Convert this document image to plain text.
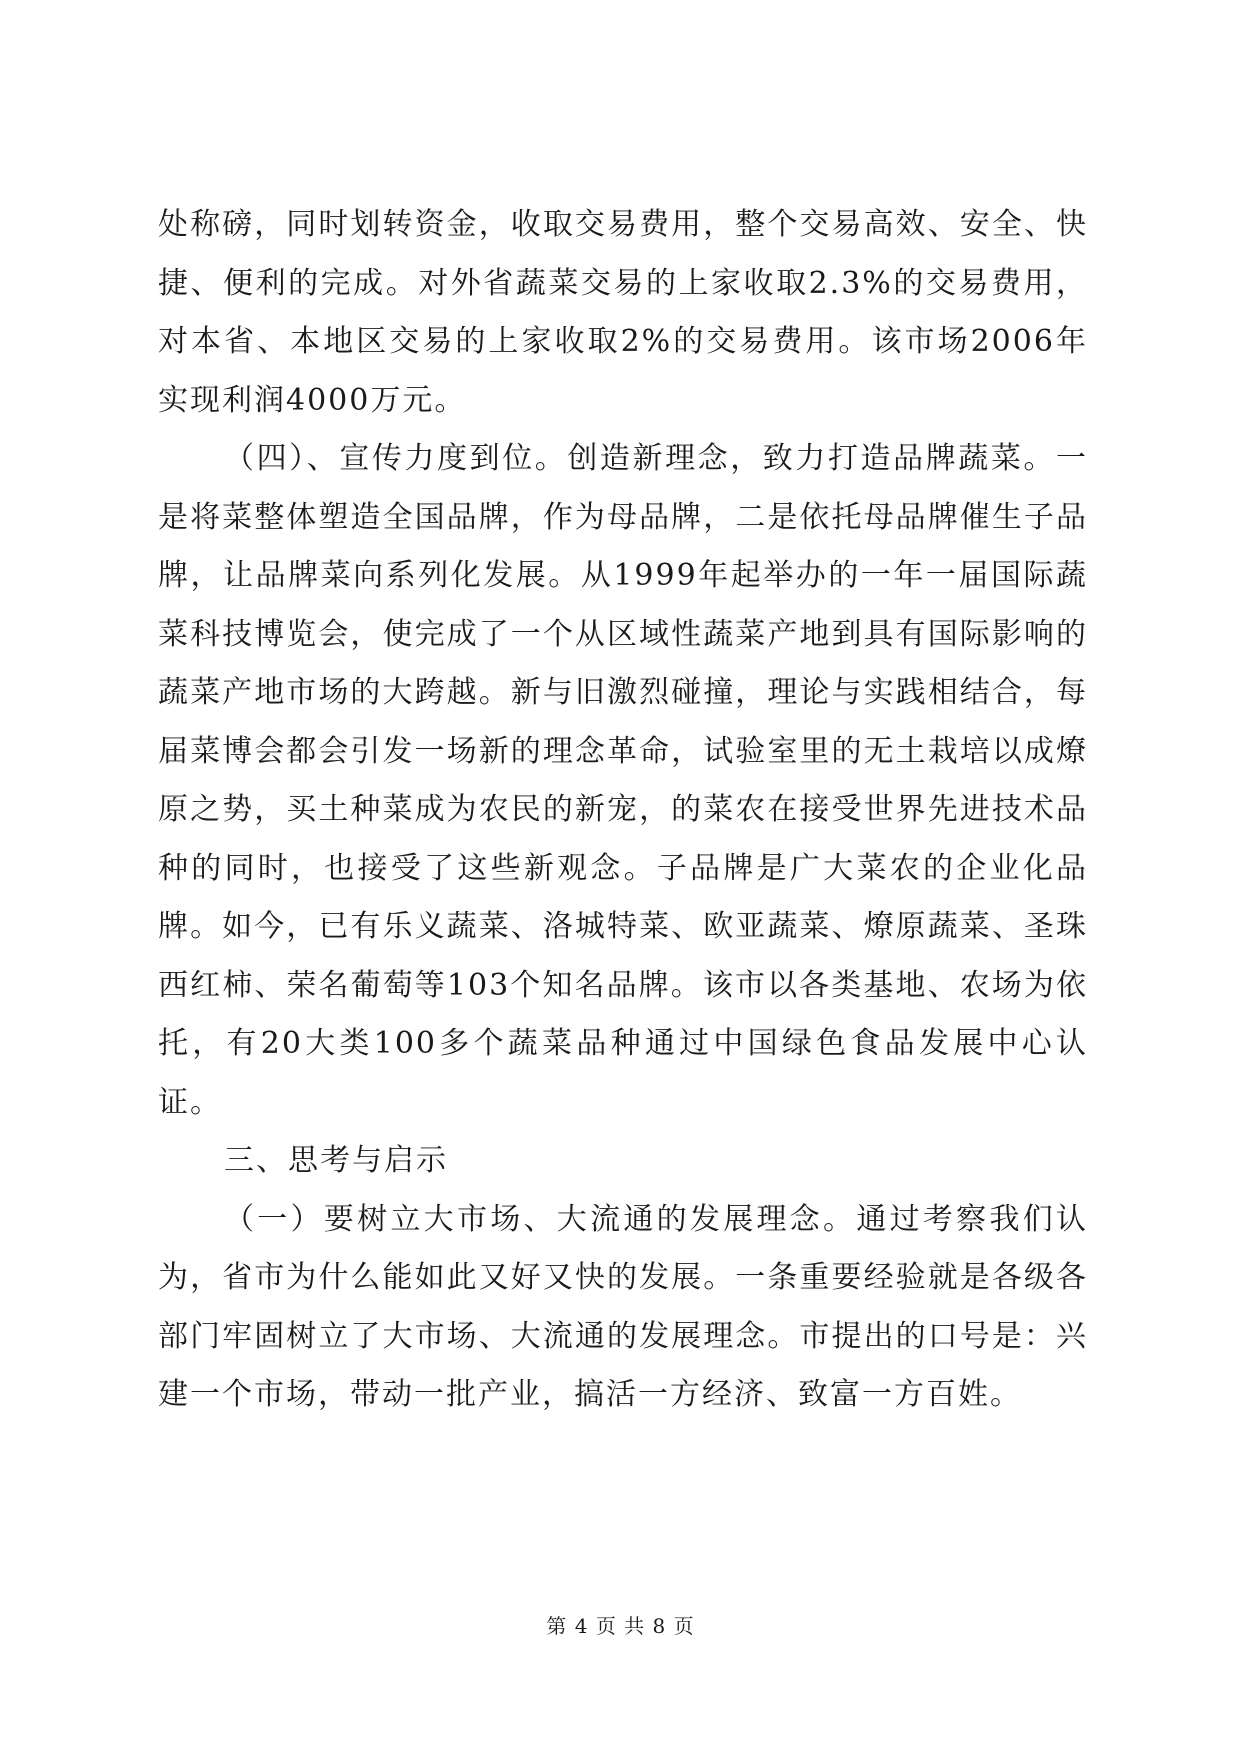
处称磅，同时划转资金，收取交易费用，整个交易高效、安全、快捷、便利的完成。对外省蔬菜交易的上家收取2.3%的交易费用，对本省、本地区交易的上家收取2%的交易费用。该市场2006年实现利润4000万元。

（四）、宣传力度到位。创造新理念，致力打造品牌蔬菜。一是将菜整体塑造全国品牌，作为母品牌，二是依托母品牌催生子品牌，让品牌菜向系列化发展。从1999年起举办的一年一届国际蔬菜科技博览会，使完成了一个从区域性蔬菜产地到具有国际影响的蔬菜产地市场的大跨越。新与旧激烈碰撞，理论与实践相结合，每届菜博会都会引发一场新的理念革命，试验室里的无土栽培以成燎原之势，买土种菜成为农民的新宠，的菜农在接受世界先进技术品种的同时，也接受了这些新观念。子品牌是广大菜农的企业化品牌。如今，已有乐义蔬菜、洛城特菜、欧亚蔬菜、燎原蔬菜、圣珠西红柿、荣名葡萄等103个知名品牌。该市以各类基地、农场为依托，有20大类100多个蔬菜品种通过中国绿色食品发展中心认证。

三、思考与启示

（一）要树立大市场、大流通的发展理念。通过考察我们认为，省市为什么能如此又好又快的发展。一条重要经验就是各级各部门牢固树立了大市场、大流通的发展理念。市提出的口号是：兴建一个市场，带动一批产业，搞活一方经济、致富一方百姓。

第 4 页 共 8 页
